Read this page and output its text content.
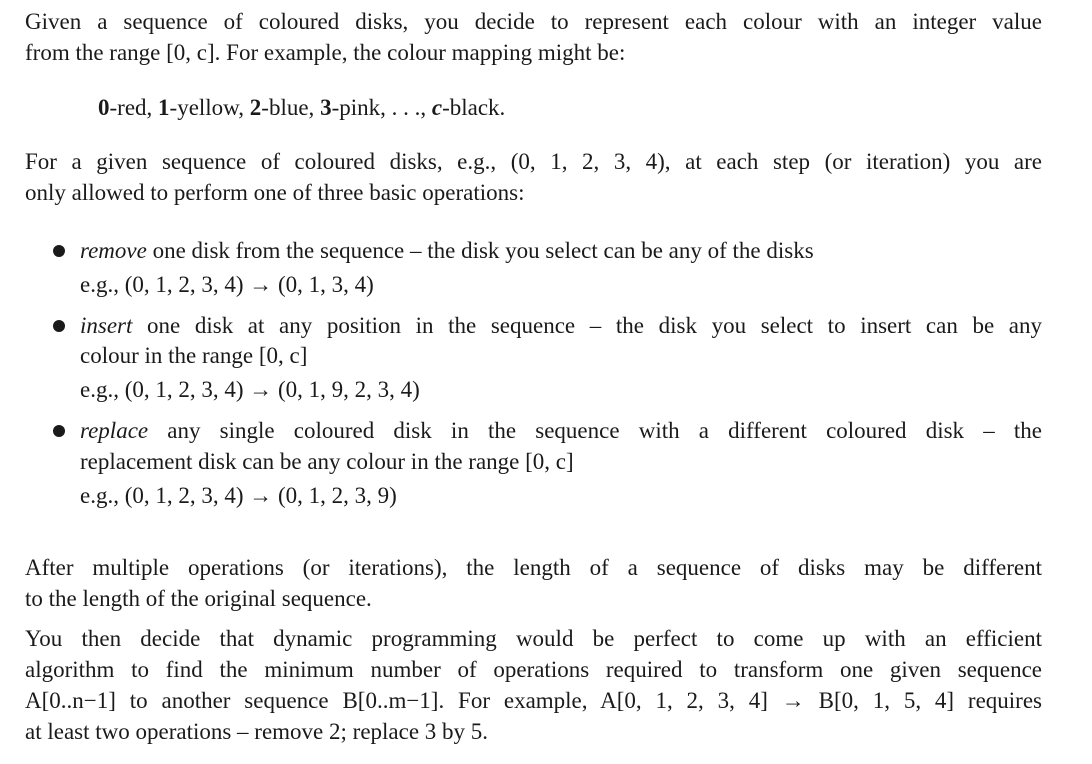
Given a sequence of coloured disks, you decide to represent each colour with an integer value
from the range [0, c]. For example, the colour mapping might be:
0-red, 1-yellow, 2-blue, 3-pink, . . ., c-black.
For a given sequence of coloured disks, e.g., (0, 1, 2, 3, 4), at each step (or iteration) you are
only allowed to perform one of three basic operations:
remove one disk from the sequence – the disk you select can be any of the disks
e.g., (0, 1, 2, 3, 4) → (0, 1, 3, 4)
insert one disk at any position in the sequence – the disk you select to insert can be any
colour in the range [0, c]
e.g., (0, 1, 2, 3, 4) → (0, 1, 9, 2, 3, 4)
replace any single coloured disk in the sequence with a different coloured disk – the
replacement disk can be any colour in the range [0, c]
e.g., (0, 1, 2, 3, 4) → (0, 1, 2, 3, 9)
After multiple operations (or iterations), the length of a sequence of disks may be different
to the length of the original sequence.
You then decide that dynamic programming would be perfect to come up with an efficient
algorithm to find the minimum number of operations required to transform one given sequence
A[0..n−1] to another sequence B[0..m−1]. For example, A[0, 1, 2, 3, 4] → B[0, 1, 5, 4] requires
at least two operations – remove 2; replace 3 by 5.
